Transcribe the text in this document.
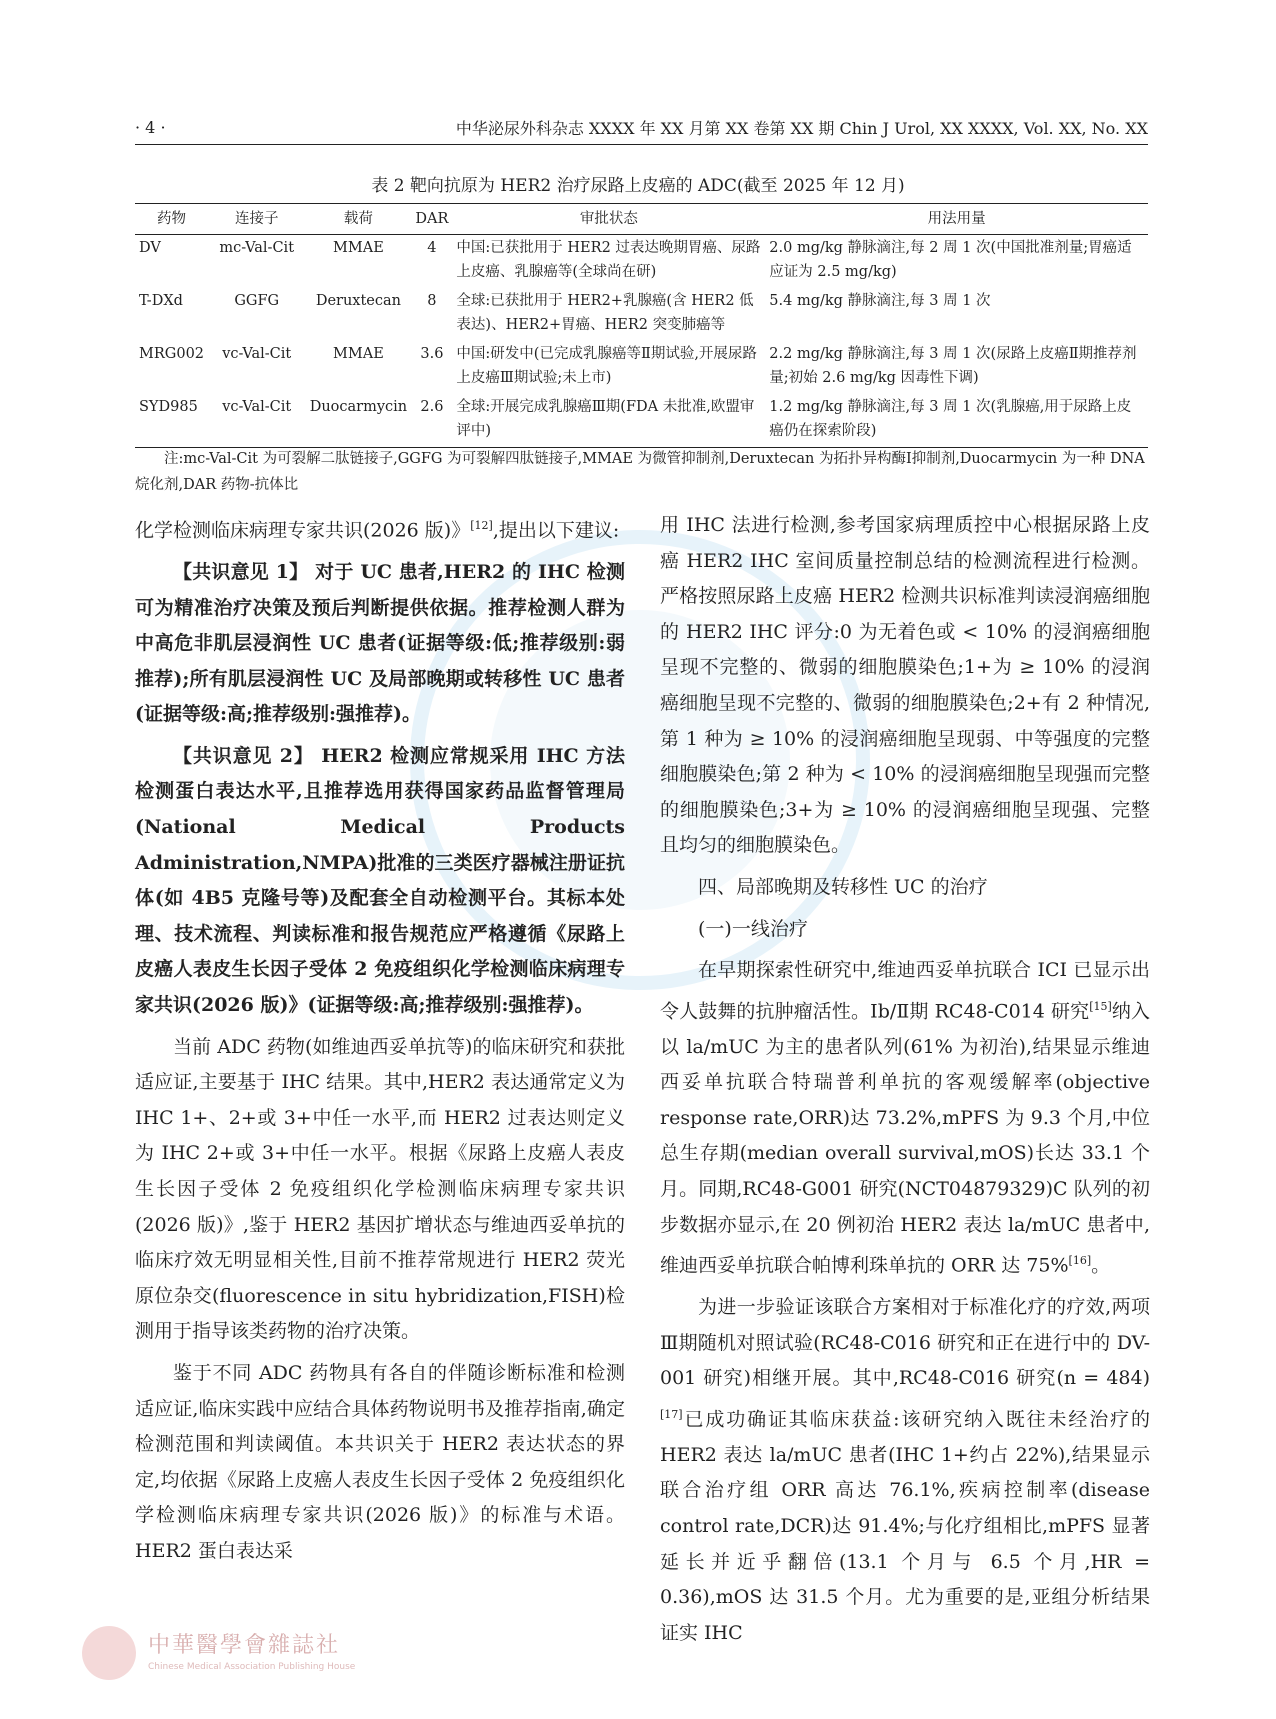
· 4 ·	中华泌尿外科杂志 XXXX 年 XX 月第 XX 卷第 XX 期 Chin J Urol, XX XXXX, Vol. XX, No. XX
表 2 靶向抗原为 HER2 治疗尿路上皮癌的 ADC(截至 2025 年 12 月)
药物	连接子	载荷	DAR	审批状态	用法用量
DV	mc-Val-Cit	MMAE	4	中国:已获批用于 HER2 过表达晚期胃癌、尿路上皮癌、乳腺癌等(全球尚在研)	2.0 mg/kg 静脉滴注,每 2 周 1 次(中国批准剂量;胃癌适应证为 2.5 mg/kg)
T-DXd	GGFG	Deruxtecan	8	全球:已获批用于 HER2+乳腺癌(含 HER2 低表达)、HER2+胃癌、HER2 突变肺癌等	5.4 mg/kg 静脉滴注,每 3 周 1 次
MRG002	vc-Val-Cit	MMAE	3.6	中国:研发中(已完成乳腺癌等Ⅱ期试验,开展尿路上皮癌Ⅲ期试验;未上市)	2.2 mg/kg 静脉滴注,每 3 周 1 次(尿路上皮癌Ⅱ期推荐剂量;初始 2.6 mg/kg 因毒性下调)
SYD985	vc-Val-Cit	Duocarmycin	2.6	全球:开展完成乳腺癌Ⅲ期(FDA 未批准,欧盟审评中)	1.2 mg/kg 静脉滴注,每 3 周 1 次(乳腺癌,用于尿路上皮癌仍在探索阶段)
注:mc-Val-Cit 为可裂解二肽链接子,GGFG 为可裂解四肽链接子,MMAE 为微管抑制剂,Deruxtecan 为拓扑异构酶Ⅰ抑制剂,Duocarmycin 为一种 DNA 烷化剂,DAR 药物-抗体比

化学检测临床病理专家共识(2026 版)》[12],提出以下建议:

【共识意见 1】 对于 UC 患者,HER2 的 IHC 检测可为精准治疗决策及预后判断提供依据。推荐检测人群为中高危非肌层浸润性 UC 患者(证据等级:低;推荐级别:弱推荐);所有肌层浸润性 UC 及局部晚期或转移性 UC 患者(证据等级:高;推荐级别:强推荐)。

【共识意见 2】 HER2 检测应常规采用 IHC 方法检测蛋白表达水平,且推荐选用获得国家药品监督管理局(National Medical Products Administration,NMPA)批准的三类医疗器械注册证抗体(如 4B5 克隆号等)及配套全自动检测平台。其标本处理、技术流程、判读标准和报告规范应严格遵循《尿路上皮癌人表皮生长因子受体 2 免疫组织化学检测临床病理专家共识(2026 版)》(证据等级:高;推荐级别:强推荐)。

当前 ADC 药物(如维迪西妥单抗等)的临床研究和获批适应证,主要基于 IHC 结果。其中,HER2 表达通常定义为 IHC 1+、2+或 3+中任一水平,而 HER2 过表达则定义为 IHC 2+或 3+中任一水平。根据《尿路上皮癌人表皮生长因子受体 2 免疫组织化学检测临床病理专家共识(2026 版)》,鉴于 HER2 基因扩增状态与维迪西妥单抗的临床疗效无明显相关性,目前不推荐常规进行 HER2 荧光原位杂交(fluorescence in situ hybridization,FISH)检测用于指导该类药物的治疗决策。

鉴于不同 ADC 药物具有各自的伴随诊断标准和检测适应证,临床实践中应结合具体药物说明书及推荐指南,确定检测范围和判读阈值。本共识关于 HER2 表达状态的界定,均依据《尿路上皮癌人表皮生长因子受体 2 免疫组织化学检测临床病理专家共识(2026 版)》的标准与术语。HER2 蛋白表达采

用 IHC 法进行检测,参考国家病理质控中心根据尿路上皮癌 HER2 IHC 室间质量控制总结的检测流程进行检测。严格按照尿路上皮癌 HER2 检测共识标准判读浸润癌细胞的 HER2 IHC 评分:0 为无着色或 < 10% 的浸润癌细胞呈现不完整的、微弱的细胞膜染色;1+为 ≥ 10% 的浸润癌细胞呈现不完整的、微弱的细胞膜染色;2+有 2 种情况,第 1 种为 ≥ 10% 的浸润癌细胞呈现弱、中等强度的完整细胞膜染色;第 2 种为 < 10% 的浸润癌细胞呈现强而完整的细胞膜染色;3+为 ≥ 10% 的浸润癌细胞呈现强、完整且均匀的细胞膜染色。

四、局部晚期及转移性 UC 的治疗

(一)一线治疗

在早期探索性研究中,维迪西妥单抗联合 ICI 已显示出令人鼓舞的抗肿瘤活性。Ⅰb/Ⅱ期 RC48-C014 研究[15]纳入以 la/mUC 为主的患者队列(61% 为初治),结果显示维迪西妥单抗联合特瑞普利单抗的客观缓解率(objective response rate,ORR)达 73.2%,mPFS 为 9.3 个月,中位总生存期(median overall survival,mOS)长达 33.1 个月。同期,RC48-G001 研究(NCT04879329)C 队列的初步数据亦显示,在 20 例初治 HER2 表达 la/mUC 患者中,维迪西妥单抗联合帕博利珠单抗的 ORR 达 75%[16]。

为进一步验证该联合方案相对于标准化疗的疗效,两项Ⅲ期随机对照试验(RC48-C016 研究和正在进行中的 DV-001 研究)相继开展。其中,RC48-C016 研究(n = 484)[17]已成功确证其临床获益:该研究纳入既往未经治疗的 HER2 表达 la/mUC 患者(IHC 1+约占 22%),结果显示联合治疗组 ORR 高达 76.1%,疾病控制率(disease control rate,DCR)达 91.4%;与化疗组相比,mPFS 显著延长并近乎翻倍(13.1 个月与 6.5 个月,HR = 0.36),mOS 达 31.5 个月。尤为重要的是,亚组分析结果证实 IHC

中華醫學會雜誌社
Chinese Medical Association Publishing House
